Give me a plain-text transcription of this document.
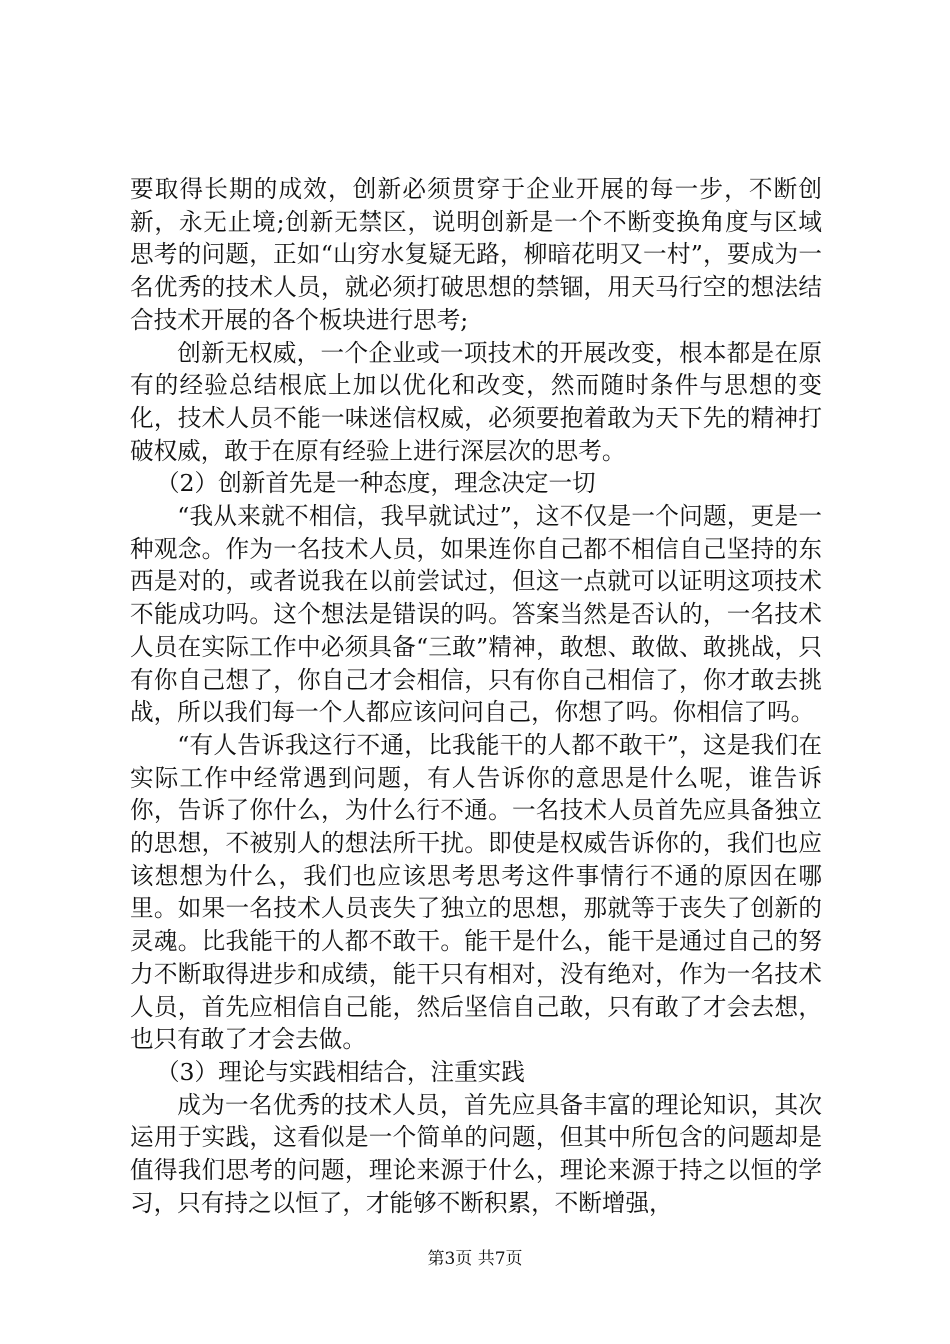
要取得长期的成效，创新必须贯穿于企业开展的每一步，不断创新，永无止境;创新无禁区，说明创新是一个不断变换角度与区域思考的问题，正如“山穷水复疑无路，柳暗花明又一村”，要成为一名优秀的技术人员，就必须打破思想的禁锢，用天马行空的想法结合技术开展的各个板块进行思考;

创新无权威，一个企业或一项技术的开展改变，根本都是在原有的经验总结根底上加以优化和改变，然而随时条件与思想的变化，技术人员不能一味迷信权威，必须要抱着敢为天下先的精神打破权威，敢于在原有经验上进行深层次的思考。

（2）创新首先是一种态度，理念决定一切

“我从来就不相信，我早就试过”，这不仅是一个问题，更是一种观念。作为一名技术人员，如果连你自己都不相信自己坚持的东西是对的，或者说我在以前尝试过，但这一点就可以证明这项技术不能成功吗。这个想法是错误的吗。答案当然是否认的，一名技术人员在实际工作中必须具备“三敢”精神，敢想、敢做、敢挑战，只有你自己想了，你自己才会相信，只有你自己相信了，你才敢去挑战，所以我们每一个人都应该问问自己，你想了吗。你相信了吗。

“有人告诉我这行不通，比我能干的人都不敢干”，这是我们在实际工作中经常遇到问题，有人告诉你的意思是什么呢，谁告诉你，告诉了你什么，为什么行不通。一名技术人员首先应具备独立的思想，不被别人的想法所干扰。即使是权威告诉你的，我们也应该想想为什么，我们也应该思考思考这件事情行不通的原因在哪里。如果一名技术人员丧失了独立的思想，那就等于丧失了创新的灵魂。比我能干的人都不敢干。能干是什么，能干是通过自己的努力不断取得进步和成绩，能干只有相对，没有绝对，作为一名技术人员，首先应相信自己能，然后坚信自己敢，只有敢了才会去想，也只有敢了才会去做。

（3）理论与实践相结合，注重实践

成为一名优秀的技术人员，首先应具备丰富的理论知识，其次运用于实践，这看似是一个简单的问题，但其中所包含的问题却是值得我们思考的问题，理论来源于什么，理论来源于持之以恒的学习，只有持之以恒了，才能够不断积累，不断增强，

第3页 共7页
